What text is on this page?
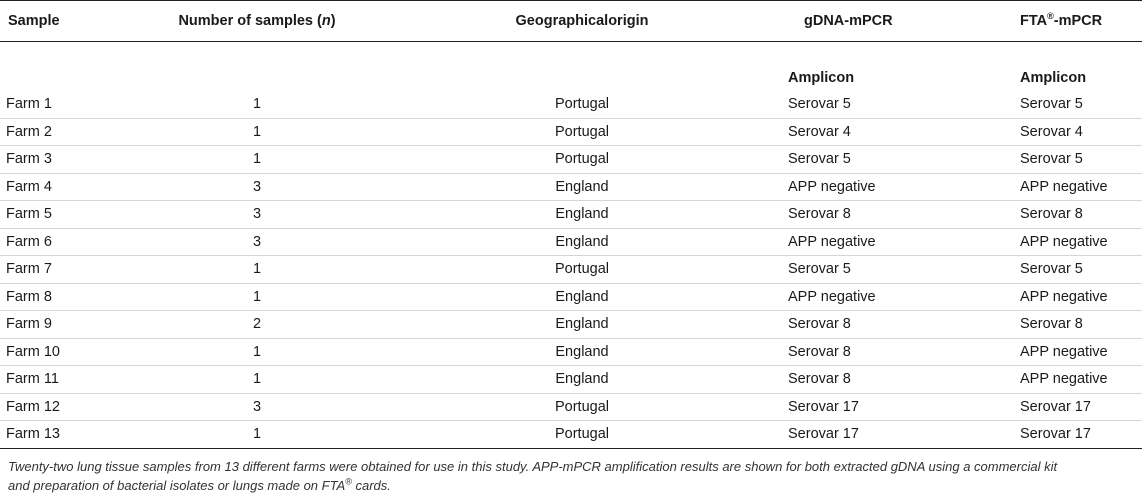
Sample	Number of samples (n)	Geographicalorigin	gDNA-mPCR	FTA®-mPCR
			Amplicon	Amplicon
Farm 1	1	Portugal	Serovar 5	Serovar 5
Farm 2	1	Portugal	Serovar 4	Serovar 4
Farm 3	1	Portugal	Serovar 5	Serovar 5
Farm 4	3	England	APP negative	APP negative
Farm 5	3	England	Serovar 8	Serovar 8
Farm 6	3	England	APP negative	APP negative
Farm 7	1	Portugal	Serovar 5	Serovar 5
Farm 8	1	England	APP negative	APP negative
Farm 9	2	England	Serovar 8	Serovar 8
Farm 10	1	England	Serovar 8	APP negative
Farm 11	1	England	Serovar 8	APP negative
Farm 12	3	Portugal	Serovar 17	Serovar 17
Farm 13	1	Portugal	Serovar 17	Serovar 17
Twenty-two lung tissue samples from 13 different farms were obtained for use in this study. APP-mPCR amplification results are shown for both extracted gDNA using a commercial kit
and preparation of bacterial isolates or lungs made on FTA® cards.
